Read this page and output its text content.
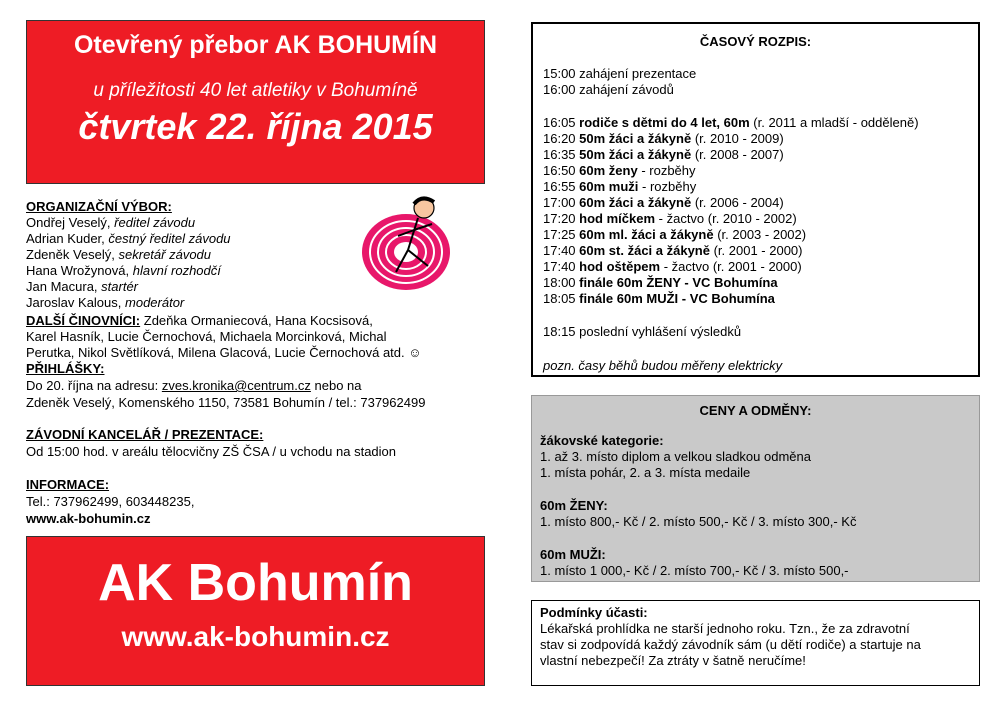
Otevřený přebor AK BOHUMÍN
u příležitosti 40 let atletiky v Bohumíně
čtvrtek 22. října 2015
ORGANIZAČNÍ VÝBOR:
Ondřej Veselý, ředitel závodu
Adrian Kuder, čestný ředitel závodu
Zdeněk Veselý, sekretář závodu
Hana Wrožynová, hlavní rozhodčí
Jan Macura, startér
Jaroslav Kalous, moderátor
DALŠÍ ČINOVNÍCI: Zdeňka Ormaniecová, Hana Kocsisová,
Karel Hasník, Lucie Černochová, Michaela Morcinková, Michal
Perutka, Nikol Světlíková, Milena Glacová, Lucie Černochová atd. ☺
PŘIHLÁŠKY:
Do 20. října na adresu: zves.kronika@centrum.cz nebo na
Zdeněk Veselý, Komenského 1150, 73581 Bohumín / tel.: 737962499
ZÁVODNÍ KANCELÁŘ / PREZENTACE:
Od 15:00 hod. v areálu tělocvičny ZŠ ČSA / u vchodu na stadion
INFORMACE:
Tel.: 737962499, 603448235,
www.ak-bohumin.cz
AK Bohumín
www.ak-bohumin.cz
ČASOVÝ ROZPIS:
15:00 zahájení prezentace
16:00 zahájení závodů
16:05 rodiče s dětmi do 4 let, 60m (r. 2011 a mladší - odděleně)
16:20 50m žáci a žákyně (r. 2010 - 2009)
16:35 50m žáci a žákyně (r. 2008 - 2007)
16:50 60m ženy - rozběhy
16:55 60m muži - rozběhy
17:00 60m žáci a žákyně (r. 2006 - 2004)
17:20 hod míčkem - žactvo (r. 2010 - 2002)
17:25 60m ml. žáci a žákyně (r. 2003 - 2002)
17:40 60m st. žáci a žákyně (r. 2001 - 2000)
17:40 hod oštěpem - žactvo (r. 2001 - 2000)
18:00 finále 60m ŽENY - VC Bohumína
18:05 finále 60m MUŽI - VC Bohumína
18:15 poslední vyhlášení výsledků
pozn. časy běhů budou měřeny elektricky
CENY A ODMĚNY:
žákovské kategorie:
1. až 3. místo diplom a velkou sladkou odměna
1. místa pohár, 2. a 3. místa medaile
60m ŽENY:
1. místo 800,- Kč / 2. místo 500,- Kč / 3. místo 300,- Kč
60m MUŽI:
1. místo 1 000,- Kč / 2. místo 700,- Kč / 3. místo 500,-
Podmínky účasti:
Lékařská prohlídka ne starší jednoho roku. Tzn., že za zdravotní
stav si zodpovídá každý závodník sám (u dětí rodiče) a startuje na
vlastní nebezpečí! Za ztráty v šatně neručíme!
